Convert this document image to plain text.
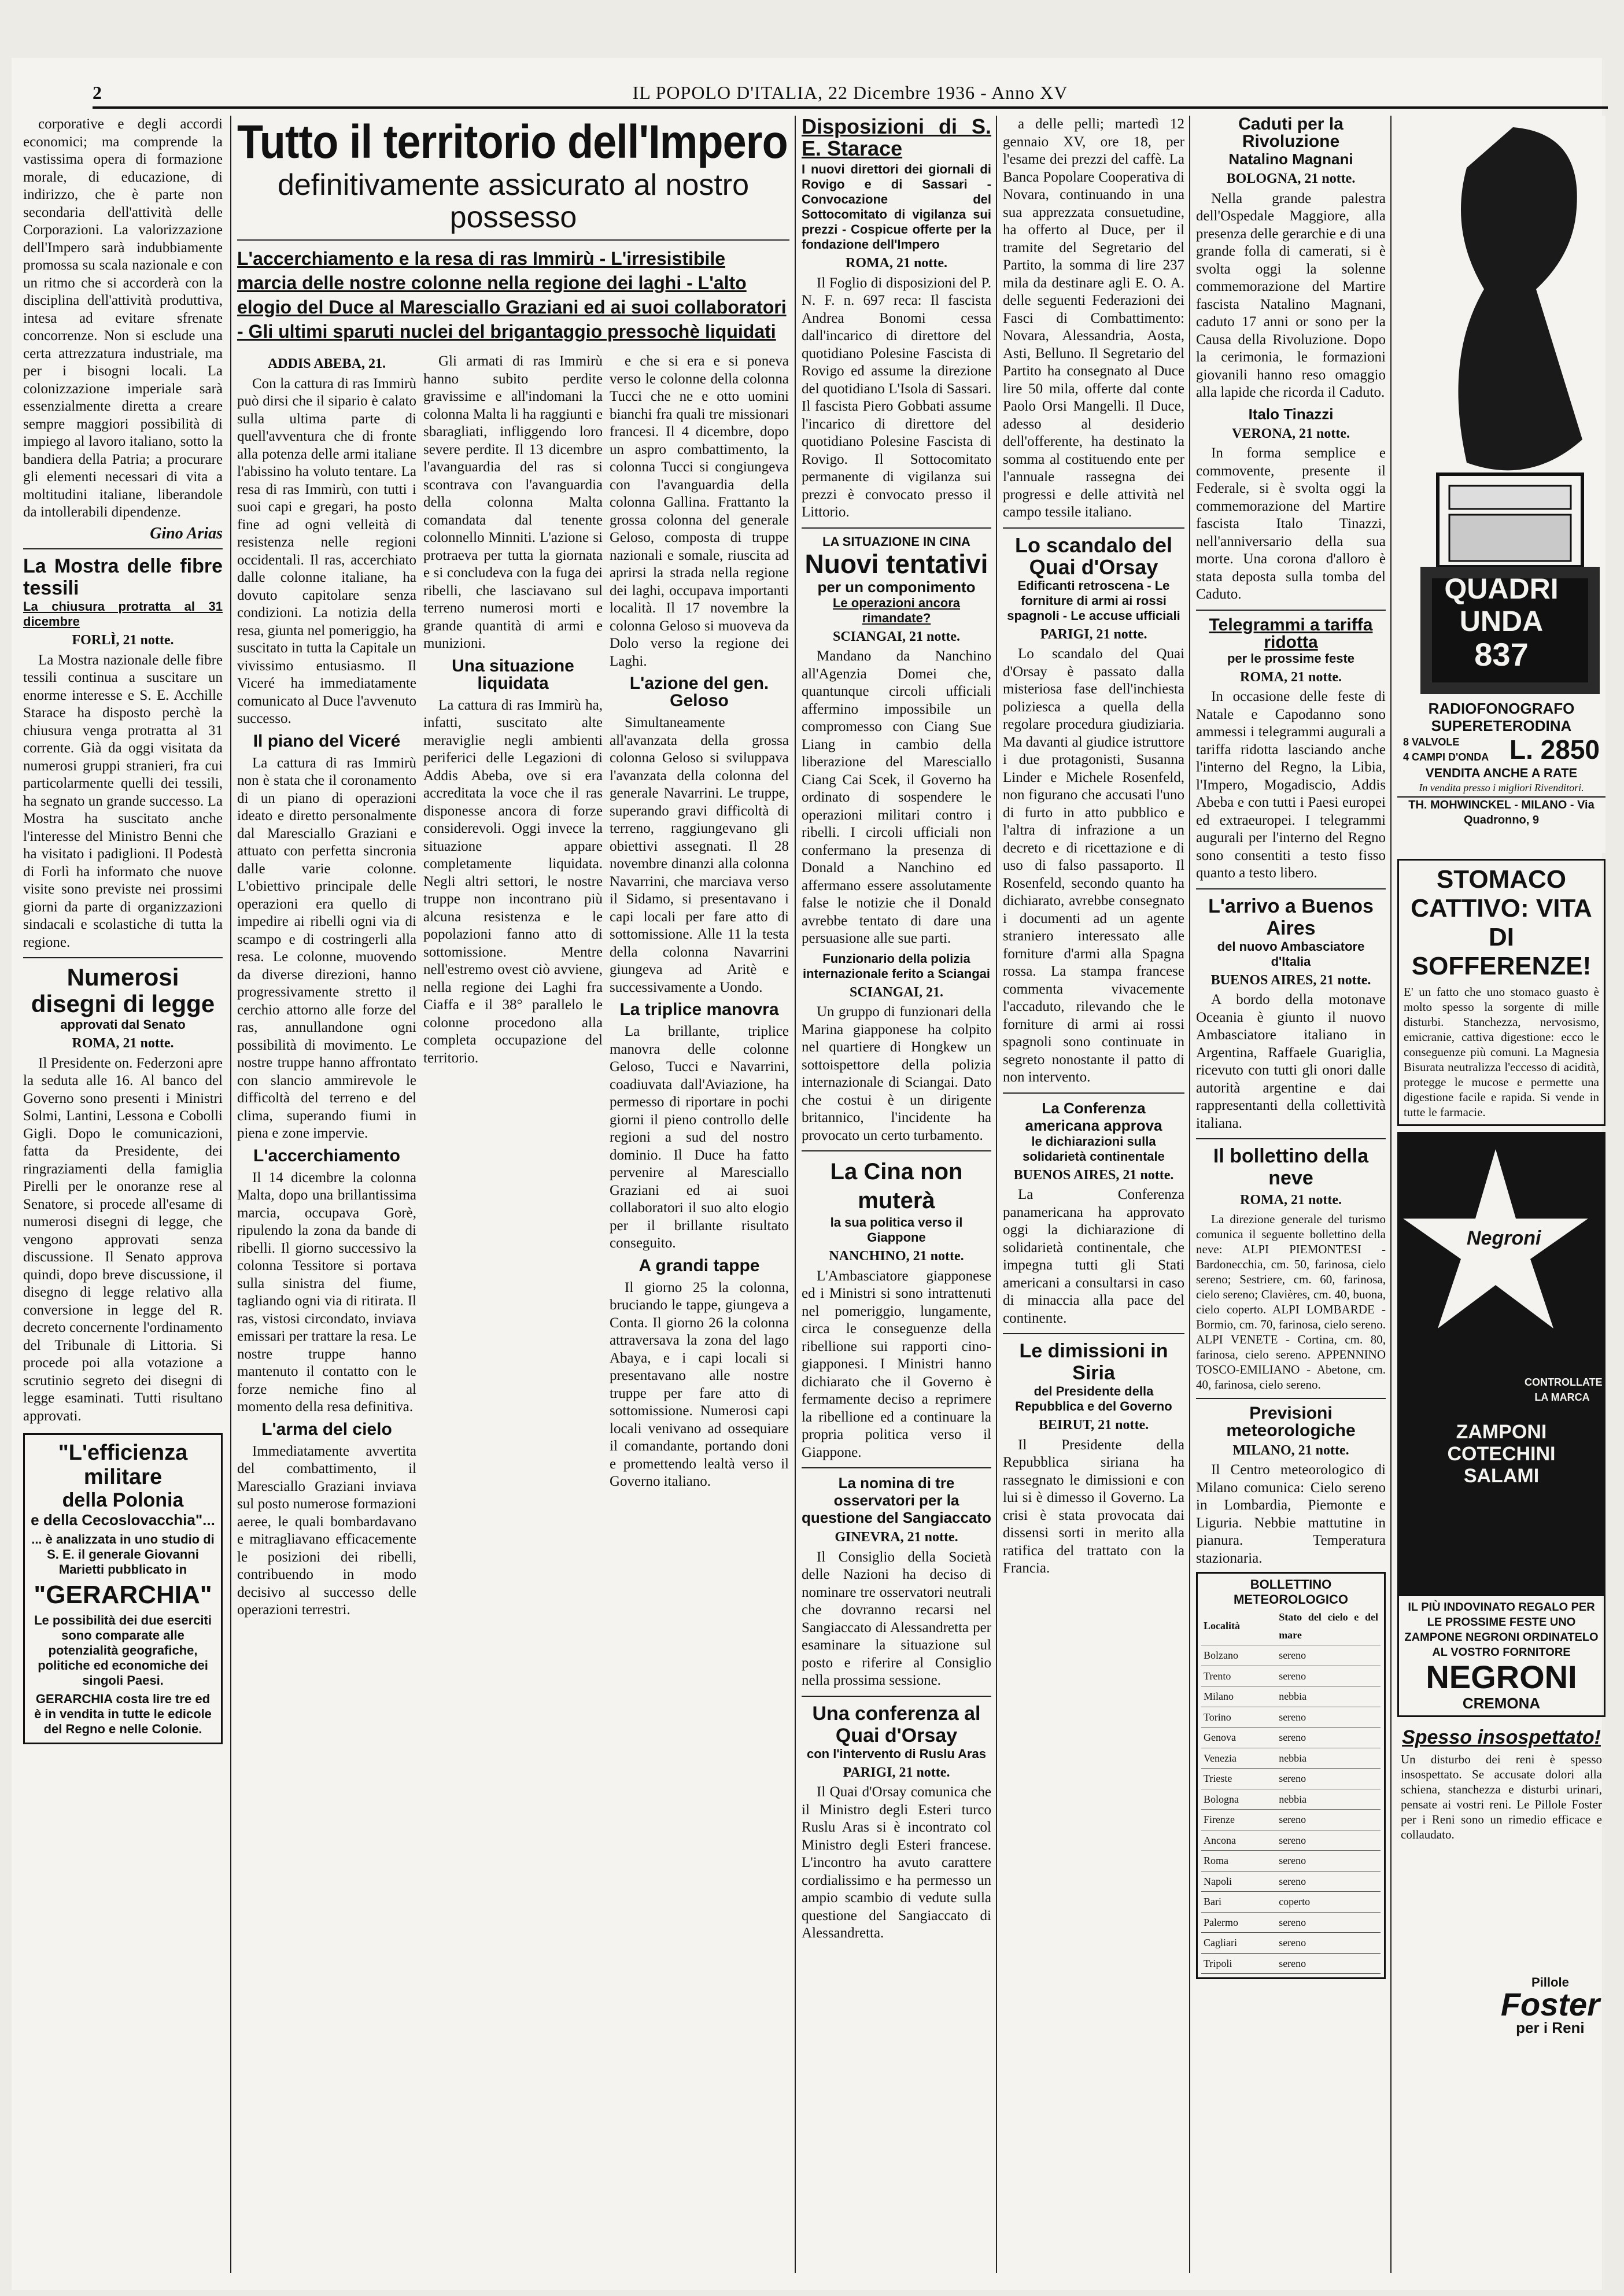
2	IL POPOLO D'ITALIA, 22 Dicembre 1936 - Anno XV

corporative e degli accordi economici; ma comprende la vastissima opera di formazione morale, di educazione, di indirizzo, che è parte non secondaria dell'attività delle Corporazioni. La valorizzazione dell'Impero sarà indubbiamente promossa su scala nazionale e con un ritmo che si accorderà con la disciplina dell'attività produttiva, intesa ad evitare sfrenate concorrenze. Non si esclude una certa attrezzatura industriale, ma per i bisogni locali. La colonizzazione imperiale sarà essenzialmente diretta a creare sempre maggiori possibilità di impiego al lavoro italiano, sotto la bandiera della Patria; a procurare gli elementi necessari di vita a moltitudini italiane, liberandole da intollerabili dipendenze.

Gino Arias
La Mostra delle fibre tessili
La chiusura protratta al 31 dicembre
FORLÌ, 21 notte.

La Mostra nazionale delle fibre tessili continua a suscitare un enorme interesse e S. E. Acchille Starace ha disposto perchè la chiusura venga protratta al 31 corrente. Già da oggi visitata da numerosi gruppi stranieri, fra cui particolarmente quelli dei tessili, ha segnato un grande successo. La Mostra ha suscitato anche l'interesse del Ministro Benni che ha visitato i padiglioni. Il Podestà di Forlì ha informato che nuove visite sono previste nei prossimi giorni da parte di organizzazioni sindacali e scolastiche di tutta la regione.

Numerosi disegni di legge
approvati dal Senato
ROMA, 21 notte.

Il Presidente on. Federzoni apre la seduta alle 16. Al banco del Governo sono presenti i Ministri Solmi, Lantini, Lessona e Cobolli Gigli. Dopo le comunicazioni, fatta da Presidente, dei ringraziamenti della famiglia Pirelli per le onoranze rese al Senatore, si procede all'esame di numerosi disegni di legge, che vengono approvati senza discussione. Il Senato approva quindi, dopo breve discussione, il disegno di legge relativo alla conversione in legge del R. decreto concernente l'ordinamento del Tribunale di Littoria. Si procede poi alla votazione a scrutinio segreto dei disegni di legge esaminati. Tutti risultano approvati.

"L'efficienza militare
della Polonia
e della Cecoslovacchia"...
... è analizzata in uno studio di S. E. il generale Giovanni Marietti pubblicato in
"GERARCHIA"
Le possibilità dei due eserciti sono comparate alle potenzialità geografiche, politiche ed economiche dei singoli Paesi.
GERARCHIA costa lire tre ed è in vendita in tutte le edicole del Regno e nelle Colonie.
Tutto il territorio dell'Impero
definitivamente assicurato al nostro possesso
L'accerchiamento e la resa di ras Immirù - L'irresistibile marcia delle nostre colonne nella regione dei laghi - L'alto elogio del Duce al Maresciallo Graziani ed ai suoi collaboratori - Gli ultimi sparuti nuclei del brigantaggio pressochè liquidati
ADDIS ABEBA, 21.

Con la cattura di ras Immirù può dirsi che il sipario è calato sulla ultima parte di quell'avventura che di fronte alla potenza delle armi italiane l'abissino ha voluto tentare. La resa di ras Immirù, con tutti i suoi capi e gregari, ha posto fine ad ogni velleità di resistenza nelle regioni occidentali. Il ras, accerchiato dalle colonne italiane, ha dovuto capitolare senza condizioni. La notizia della resa, giunta nel pomeriggio, ha suscitato in tutta la Capitale un vivissimo entusiasmo. Il Viceré ha immediatamente comunicato al Duce l'avvenuto successo.

Il piano del Viceré

La cattura di ras Immirù non è stata che il coronamento di un piano di operazioni ideato e diretto personalmente dal Maresciallo Graziani e attuato con perfetta sincronia dalle varie colonne. L'obiettivo principale delle operazioni era quello di impedire ai ribelli ogni via di scampo e di costringerli alla resa. Le colonne, muovendo da diverse direzioni, hanno progressivamente stretto il cerchio attorno alle forze del ras, annullandone ogni possibilità di movimento. Le nostre truppe hanno affrontato con slancio ammirevole le difficoltà del terreno e del clima, superando fiumi in piena e zone impervie.

L'accerchiamento

Il 14 dicembre la colonna Malta, dopo una brillantissima marcia, occupava Gorè, ripulendo la zona da bande di ribelli. Il giorno successivo la colonna Tessitore si portava sulla sinistra del fiume, tagliando ogni via di ritirata. Il ras, vistosi circondato, inviava emissari per trattare la resa. Le nostre truppe hanno mantenuto il contatto con le forze nemiche fino al momento della resa definitiva.

L'arma del cielo

Immediatamente avvertita del combattimento, il Maresciallo Graziani inviava sul posto numerose formazioni aeree, le quali bombardavano e mitragliavano efficacemente le posizioni dei ribelli, contribuendo in modo decisivo al successo delle operazioni terrestri.

Gli armati di ras Immirù hanno subito perdite gravissime e all'indomani la colonna Malta li ha raggiunti e sbaragliati, infliggendo loro severe perdite. Il 13 dicembre l'avanguardia del ras si scontrava con l'avanguardia della colonna Malta comandata dal tenente colonnello Minniti. L'azione si protraeva per tutta la giornata e si concludeva con la fuga dei ribelli, che lasciavano sul terreno numerosi morti e grande quantità di armi e munizioni.

Una situazione liquidata

La cattura di ras Immirù ha, infatti, suscitato alte meraviglie negli ambienti periferici delle Legazioni di Addis Abeba, ove si era accreditata la voce che il ras disponesse ancora di forze considerevoli. Oggi invece la situazione appare completamente liquidata. Negli altri settori, le nostre truppe non incontrano più alcuna resistenza e le popolazioni fanno atto di sottomissione. Mentre nell'estremo ovest ciò avviene, nella regione dei Laghi fra Ciaffa e il 38° parallelo le colonne procedono alla completa occupazione del territorio.

e che si era e si poneva verso le colonne della colonna Tucci che ne e otto uomini bianchi fra quali tre missionari francesi. Il 4 dicembre, dopo un aspro combattimento, la colonna Tucci si congiungeva con l'avanguardia della colonna Gallina. Frattanto la grossa colonna del generale Geloso, composta di truppe nazionali e somale, riuscita ad aprirsi la strada nella regione dei laghi, occupava importanti località. Il 17 novembre la colonna Geloso si muoveva da Dolo verso la regione dei Laghi.

L'azione del gen. Geloso

Simultaneamente all'avanzata della grossa colonna Geloso si sviluppava l'avanzata della colonna del generale Navarrini. Le truppe, superando gravi difficoltà di terreno, raggiungevano gli obiettivi assegnati. Il 28 novembre dinanzi alla colonna Navarrini, che marciava verso il Sidamo, si presentavano i capi locali per fare atto di sottomissione. Alle 11 la testa della colonna Navarrini giungeva ad Aritè e successivamente a Uondo.

La triplice manovra

La brillante, triplice manovra delle colonne Geloso, Tucci e Navarrini, coadiuvata dall'Aviazione, ha permesso di riportare in pochi giorni il pieno controllo delle regioni a sud del nostro dominio. Il Duce ha fatto pervenire al Maresciallo Graziani ed ai suoi collaboratori il suo alto elogio per il brillante risultato conseguito.

A grandi tappe

Il giorno 25 la colonna, bruciando le tappe, giungeva a Conta. Il giorno 26 la colonna attraversava la zona del lago Abaya, e i capi locali si presentavano alle nostre truppe per fare atto di sottomissione. Numerosi capi locali venivano ad ossequiare il comandante, portando doni e promettendo lealtà verso il Governo italiano.

Disposizioni di S. E. Starace
I nuovi direttori dei giornali di Rovigo e di Sassari - Convocazione del Sottocomitato di vigilanza sui prezzi - Cospicue offerte per la fondazione dell'Impero
ROMA, 21 notte.

Il Foglio di disposizioni del P. N. F. n. 697 reca: Il fascista Andrea Bonomi cessa dall'incarico di direttore del quotidiano Polesine Fascista di Rovigo ed assume la direzione del quotidiano L'Isola di Sassari. Il fascista Piero Gobbati assume l'incarico di direttore del quotidiano Polesine Fascista di Rovigo. Il Sottocomitato permanente di vigilanza sui prezzi è convocato presso il Littorio.

LA SITUAZIONE IN CINA
Nuovi tentativi
per un componimento
Le operazioni ancora rimandate?
SCIANGAI, 21 notte.

Mandano da Nanchino all'Agenzia Domei che, quantunque circoli ufficiali affermino impossibile un compromesso con Ciang Sue Liang in cambio della liberazione del Maresciallo Ciang Cai Scek, il Governo ha ordinato di sospendere le operazioni militari contro i ribelli. I circoli ufficiali non confermano la presenza di Donald a Nanchino ed affermano essere assolutamente false le notizie che il Donald avrebbe tentato di dare una persuasione alle sue parti.

Funzionario della polizia internazionale ferito a Sciangai
SCIANGAI, 21.

Un gruppo di funzionari della Marina giapponese ha colpito nel quartiere di Hongkew un sottoispettore della polizia internazionale di Sciangai. Dato che costui è un dirigente britannico, l'incidente ha provocato un certo turbamento.

La Cina non muterà
la sua politica verso il Giappone
NANCHINO, 21 notte.

L'Ambasciatore giapponese ed i Ministri si sono intrattenuti nel pomeriggio, lungamente, circa le conseguenze della ribellione sui rapporti cino-giapponesi. I Ministri hanno dichiarato che il Governo è fermamente deciso a reprimere la ribellione ed a continuare la propria politica verso il Giappone.

La nomina di tre osservatori per la questione del Sangiaccato
GINEVRA, 21 notte.

Il Consiglio della Società delle Nazioni ha deciso di nominare tre osservatori neutrali che dovranno recarsi nel Sangiaccato di Alessandretta per esaminare la situazione sul posto e riferire al Consiglio nella prossima sessione.

Una conferenza al Quai d'Orsay
con l'intervento di Ruslu Aras
PARIGI, 21 notte.

Il Quai d'Orsay comunica che il Ministro degli Esteri turco Ruslu Aras si è incontrato col Ministro degli Esteri francese. L'incontro ha avuto carattere cordialissimo e ha permesso un ampio scambio di vedute sulla questione del Sangiaccato di Alessandretta.

a delle pelli; martedì 12 gennaio XV, ore 18, per l'esame dei prezzi del caffè. La Banca Popolare Cooperativa di Novara, continuando in una sua apprezzata consuetudine, ha offerto al Duce, per il tramite del Segretario del Partito, la somma di lire 237 mila da destinare agli E. O. A. delle seguenti Federazioni dei Fasci di Combattimento: Novara, Alessandria, Aosta, Asti, Belluno. Il Segretario del Partito ha consegnato al Duce lire 50 mila, offerte dal conte Paolo Orsi Mangelli. Il Duce, adesso al desiderio dell'offerente, ha destinato la somma al costituendo ente per l'annuale rassegna dei progressi e delle attività nel campo tessile italiano.

Lo scandalo del Quai d'Orsay
Edificanti retroscena - Le forniture di armi ai rossi spagnoli - Le accuse ufficiali
PARIGI, 21 notte.

Lo scandalo del Quai d'Orsay è passato dalla misteriosa fase dell'inchiesta poliziesca a quella della regolare procedura giudiziaria. Ma davanti al giudice istruttore i due protagonisti, Susanna Linder e Michele Rosenfeld, non figurano che accusati l'uno di furto in atto pubblico e l'altra di infrazione a un decreto e di ricettazione e di uso di falso passaporto. Il Rosenfeld, secondo quanto ha dichiarato, avrebbe consegnato i documenti ad un agente straniero interessato alle forniture d'armi alla Spagna rossa. La stampa francese commenta vivacemente l'accaduto, rilevando che le forniture di armi ai rossi spagnoli sono continuate in segreto nonostante il patto di non intervento.

La Conferenza americana approva
le dichiarazioni sulla solidarietà continentale
BUENOS AIRES, 21 notte.

La Conferenza panamericana ha approvato oggi la dichiarazione di solidarietà continentale, che impegna tutti gli Stati americani a consultarsi in caso di minaccia alla pace del continente.

Le dimissioni in Siria
del Presidente della Repubblica e del Governo
BEIRUT, 21 notte.

Il Presidente della Repubblica siriana ha rassegnato le dimissioni e con lui si è dimesso il Governo. La crisi è stata provocata dai dissensi sorti in merito alla ratifica del trattato con la Francia.

Caduti per la Rivoluzione
Natalino Magnani
BOLOGNA, 21 notte.

Nella grande palestra dell'Ospedale Maggiore, alla presenza delle gerarchie e di una grande folla di camerati, si è svolta oggi la solenne commemorazione del Martire fascista Natalino Magnani, caduto 17 anni or sono per la Causa della Rivoluzione. Dopo la cerimonia, le formazioni giovanili hanno reso omaggio alla lapide che ricorda il Caduto.

Italo Tinazzi
VERONA, 21 notte.

In forma semplice e commovente, presente il Federale, si è svolta oggi la commemorazione del Martire fascista Italo Tinazzi, nell'anniversario della sua morte. Una corona d'alloro è stata deposta sulla tomba del Caduto.

Telegrammi a tariffa ridotta
per le prossime feste
ROMA, 21 notte.

In occasione delle feste di Natale e Capodanno sono ammessi i telegrammi augurali a tariffa ridotta lasciando anche l'interno del Regno, la Libia, l'Impero, Mogadiscio, Addis Abeba e con tutti i Paesi europei ed extraeuropei. I telegrammi augurali per l'interno del Regno sono consentiti a testo fisso quanto a testo libero.

L'arrivo a Buenos Aires
del nuovo Ambasciatore d'Italia
BUENOS AIRES, 21 notte.

A bordo della motonave Oceania è giunto il nuovo Ambasciatore italiano in Argentina, Raffaele Guariglia, ricevuto con tutti gli onori dalle autorità argentine e dai rappresentanti della collettività italiana.

Il bollettino della neve
ROMA, 21 notte.

La direzione generale del turismo comunica il seguente bollettino della neve: ALPI PIEMONTESI - Bardonecchia, cm. 50, farinosa, cielo sereno; Sestriere, cm. 60, farinosa, cielo sereno; Clavières, cm. 40, buona, cielo coperto. ALPI LOMBARDE - Bormio, cm. 70, farinosa, cielo sereno. ALPI VENETE - Cortina, cm. 80, farinosa, cielo sereno. APPENNINO TOSCO-EMILIANO - Abetone, cm. 40, farinosa, cielo sereno.

Previsioni meteorologiche
MILANO, 21 notte.

Il Centro meteorologico di Milano comunica: Cielo sereno in Lombardia, Piemonte e Liguria. Nebbie mattutine in pianura. Temperatura stazionaria.

BOLLETTINO METEOROLOGICO
Località	Stato del cielo e del mare
Bolzano	sereno
Trento	sereno
Milano	nebbia
Torino	sereno
Genova	sereno
Venezia	nebbia
Trieste	sereno
Bologna	nebbia
Firenze	sereno
Ancona	sereno
Roma	sereno
Napoli	sereno
Bari	coperto
Palermo	sereno
Cagliari	sereno
Tripoli	sereno
QUADRI
UNDA
837
RADIOFONOGRAFO
SUPERETERODINA
8 VALVOLE
4 CAMPI D'ONDA L. 2850
VENDITA ANCHE A RATE
In vendita presso i migliori Rivenditori.
TH. MOHWINCKEL - MILANO - Via Quadronno, 9
STOMACO CATTIVO: VITA DI SOFFERENZE!

E' un fatto che uno stomaco guasto è molto spesso la sorgente di mille disturbi. Stanchezza, nervosismo, emicranie, cattiva digestione: ecco le conseguenze più comuni. La Magnesia Bisurata neutralizza l'eccesso di acidità, protegge le mucose e permette una digestione facile e rapida. Si vende in tutte le farmacie.

Negroni
CONTROLLATE LA MARCA
ZAMPONI
COTECHINI
SALAMI
IL PIÙ INDOVINATO REGALO PER LE PROSSIME FESTE UNO ZAMPONE NEGRONI ORDINATELO AL VOSTRO FORNITORE
NEGRONI
CREMONA
Spesso insospettato!

Un disturbo dei reni è spesso insospettato. Se accusate dolori alla schiena, stanchezza e disturbi urinari, pensate ai vostri reni. Le Pillole Foster per i Reni sono un rimedio efficace e collaudato.

Pillole
Foster
per i Reni
